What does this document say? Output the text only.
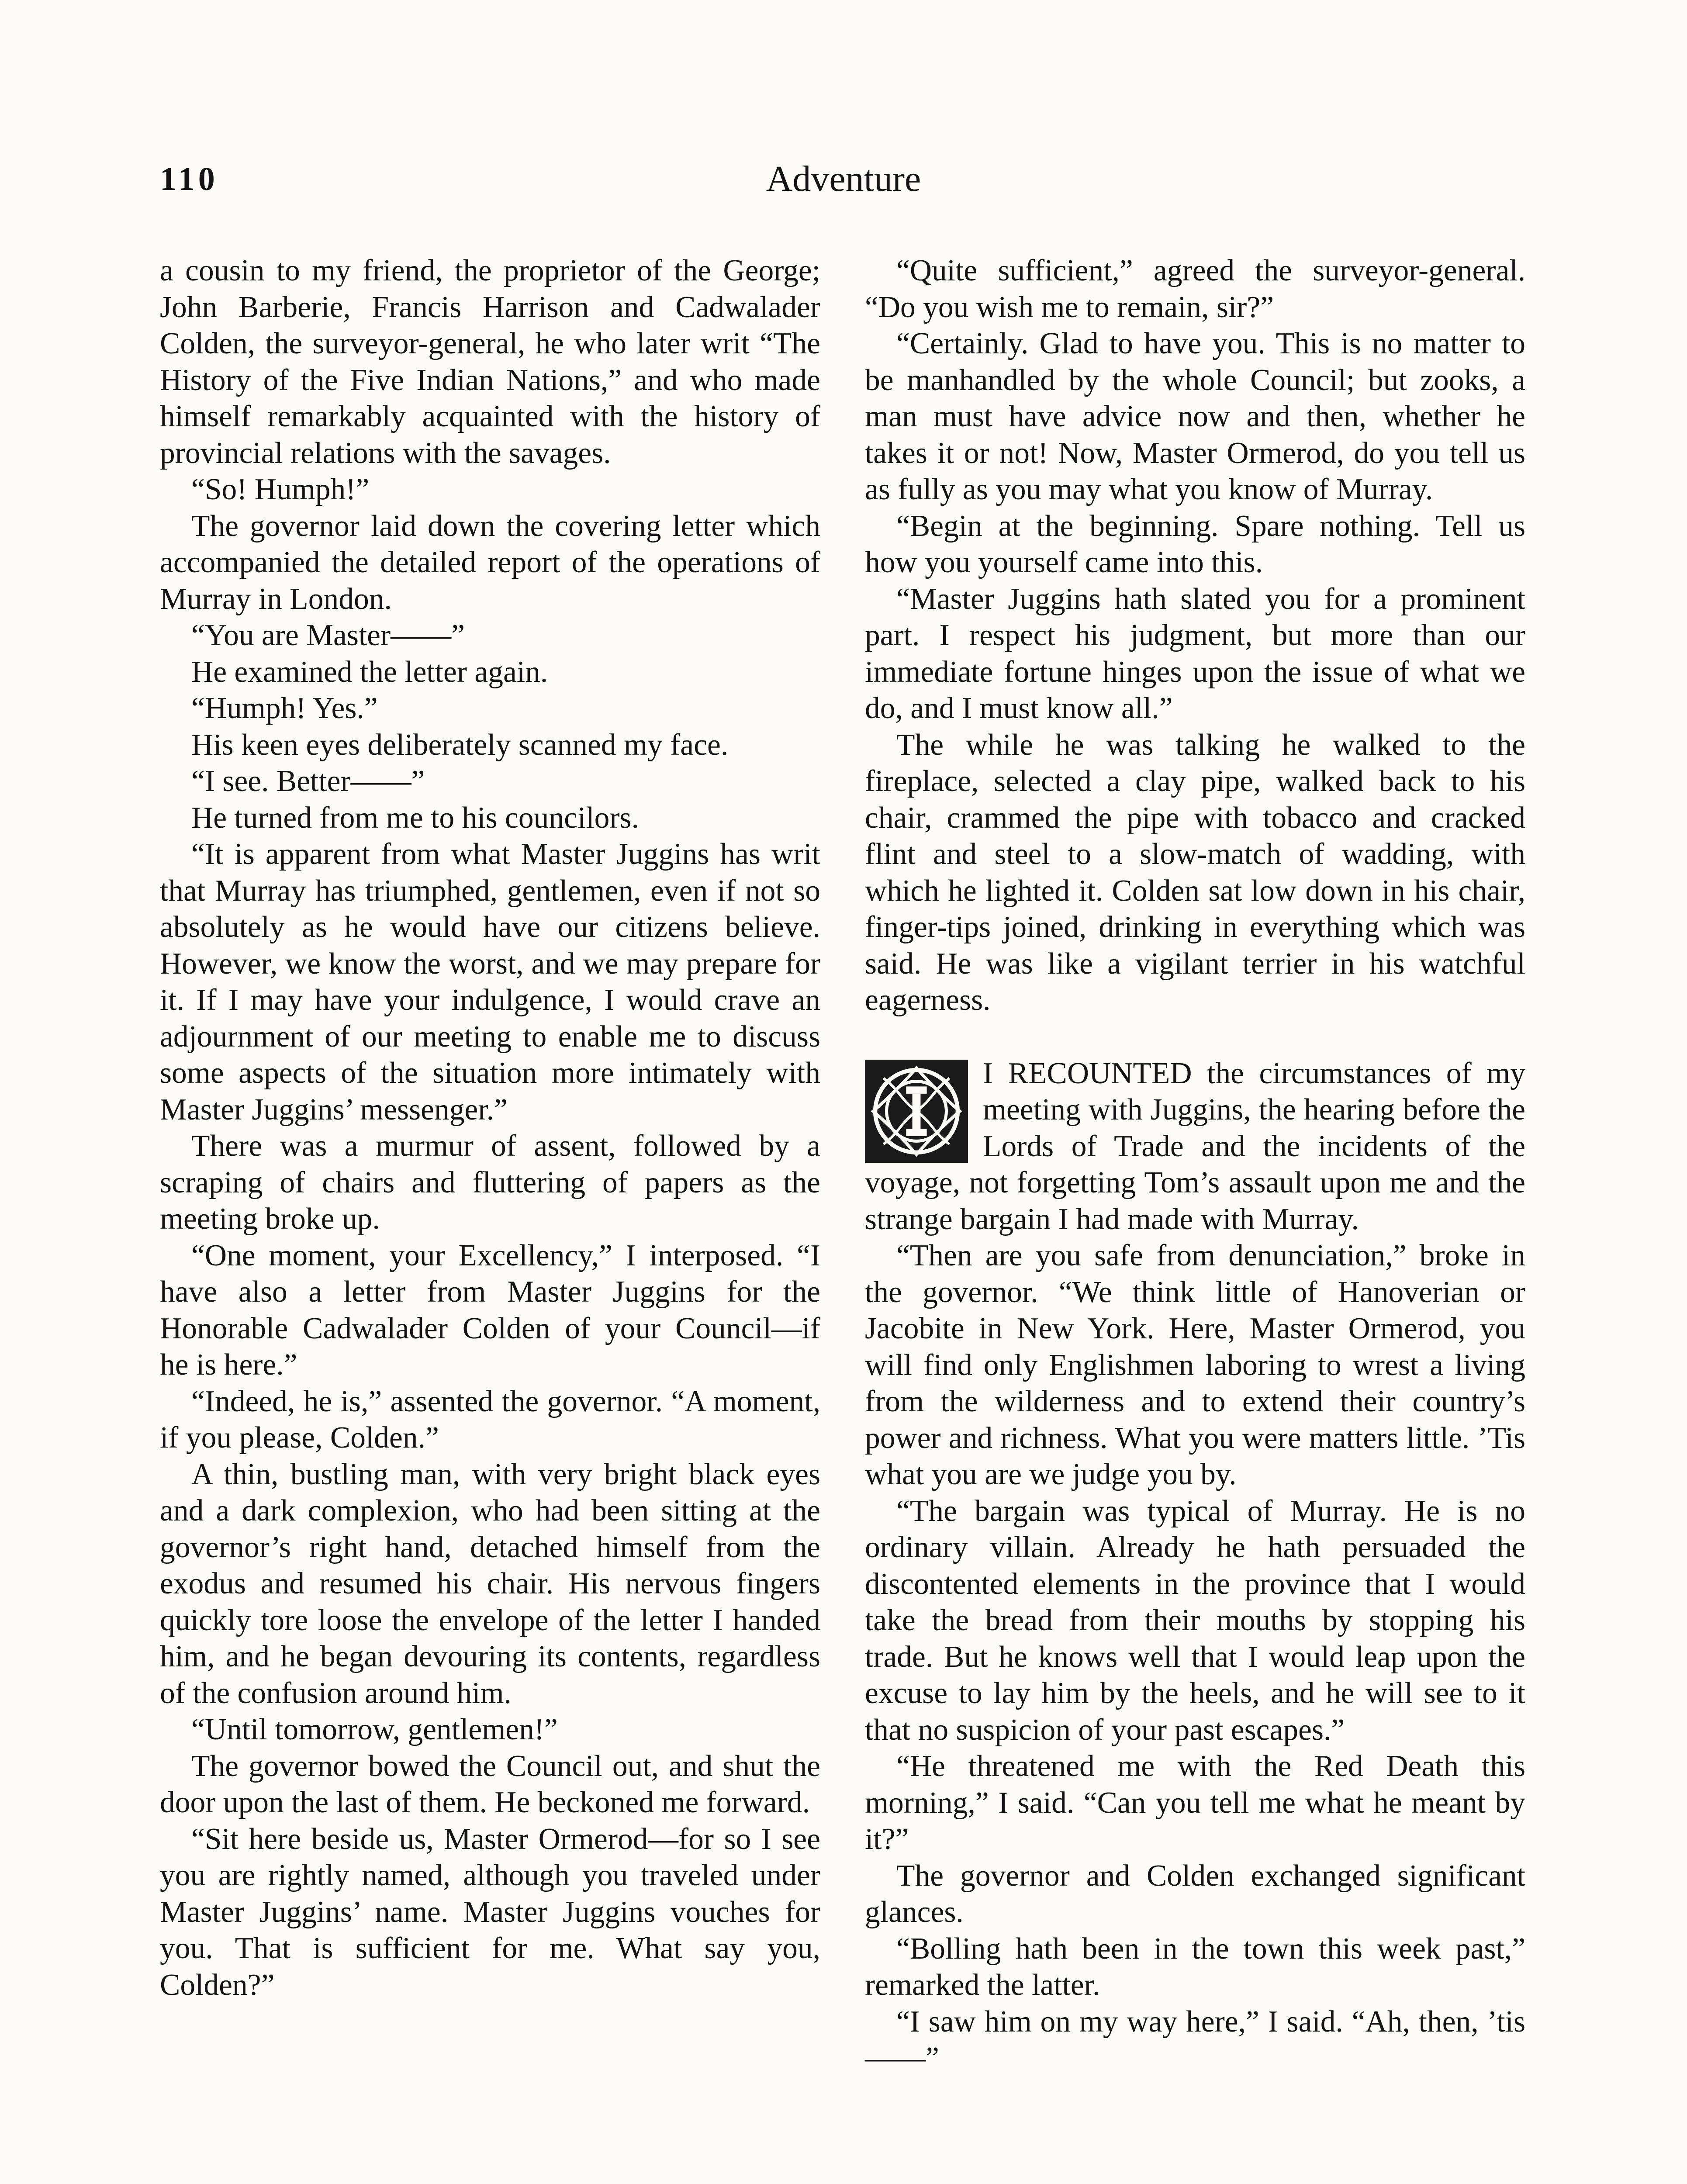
110	Adventure

a cousin to my friend, the proprietor of the George; John Barberie, Francis Harrison and Cadwalader Colden, the surveyor-general, he who later writ “The History of the Five Indian Nations,” and who made himself remarkably acquainted with the history of provincial relations with the savages.

“So! Humph!”

The governor laid down the covering letter which accompanied the detailed report of the operations of Murray in London.

“You are Master——”

He examined the letter again.

“Humph! Yes.”

His keen eyes deliberately scanned my face.

“I see. Better——”

He turned from me to his councilors.

“It is apparent from what Master Juggins has writ that Murray has triumphed, gentlemen, even if not so absolutely as he would have our citizens believe. However, we know the worst, and we may prepare for it. If I may have your indulgence, I would crave an adjournment of our meeting to enable me to discuss some aspects of the situation more intimately with Master Juggins’ messenger.”

There was a murmur of assent, followed by a scraping of chairs and fluttering of papers as the meeting broke up.

“One moment, your Excellency,” I interposed. “I have also a letter from Master Juggins for the Honorable Cadwalader Colden of your Council—if he is here.”

“Indeed, he is,” assented the governor. “A moment, if you please, Colden.”

A thin, bustling man, with very bright black eyes and a dark complexion, who had been sitting at the governor’s right hand, detached himself from the exodus and resumed his chair. His nervous fingers quickly tore loose the envelope of the letter I handed him, and he began devouring its contents, regardless of the confusion around him.

“Until tomorrow, gentlemen!”

The governor bowed the Council out, and shut the door upon the last of them. He beckoned me forward.

“Sit here beside us, Master Ormerod—for so I see you are rightly named, although you traveled under Master Juggins’ name. Master Juggins vouches for you. That is sufficient for me. What say you, Colden?”

“Quite sufficient,” agreed the surveyor-general. “Do you wish me to remain, sir?”

“Certainly. Glad to have you. This is no matter to be manhandled by the whole Council; but zooks, a man must have advice now and then, whether he takes it or not! Now, Master Ormerod, do you tell us as fully as you may what you know of Murray.

“Begin at the beginning. Spare nothing. Tell us how you yourself came into this.

“Master Juggins hath slated you for a prominent part. I respect his judgment, but more than our immediate fortune hinges upon the issue of what we do, and I must know all.”

The while he was talking he walked to the fireplace, selected a clay pipe, walked back to his chair, crammed the pipe with tobacco and cracked flint and steel to a slow-match of wadding, with which he lighted it. Colden sat low down in his chair, finger-tips joined, drinking in everything which was said. He was like a vigilant terrier in his watchful eagerness.

I RECOUNTED the circumstances of my meeting with Juggins, the hearing before the Lords of Trade and the incidents of the voyage, not forgetting Tom’s assault upon me and the strange bargain I had made with Murray.

“Then are you safe from denunciation,” broke in the governor. “We think little of Hanoverian or Jacobite in New York. Here, Master Ormerod, you will find only Englishmen laboring to wrest a living from the wilderness and to extend their country’s power and richness. What you were matters little. ’Tis what you are we judge you by.

“The bargain was typical of Murray. He is no ordinary villain. Already he hath persuaded the discontented elements in the province that I would take the bread from their mouths by stopping his trade. But he knows well that I would leap upon the excuse to lay him by the heels, and he will see to it that no suspicion of your past escapes.”

“He threatened me with the Red Death this morning,” I said. “Can you tell me what he meant by it?”

The governor and Colden exchanged significant glances.

“Bolling hath been in the town this week past,” remarked the latter.

“I saw him on my way here,” I said. “Ah, then, ’tis——”
